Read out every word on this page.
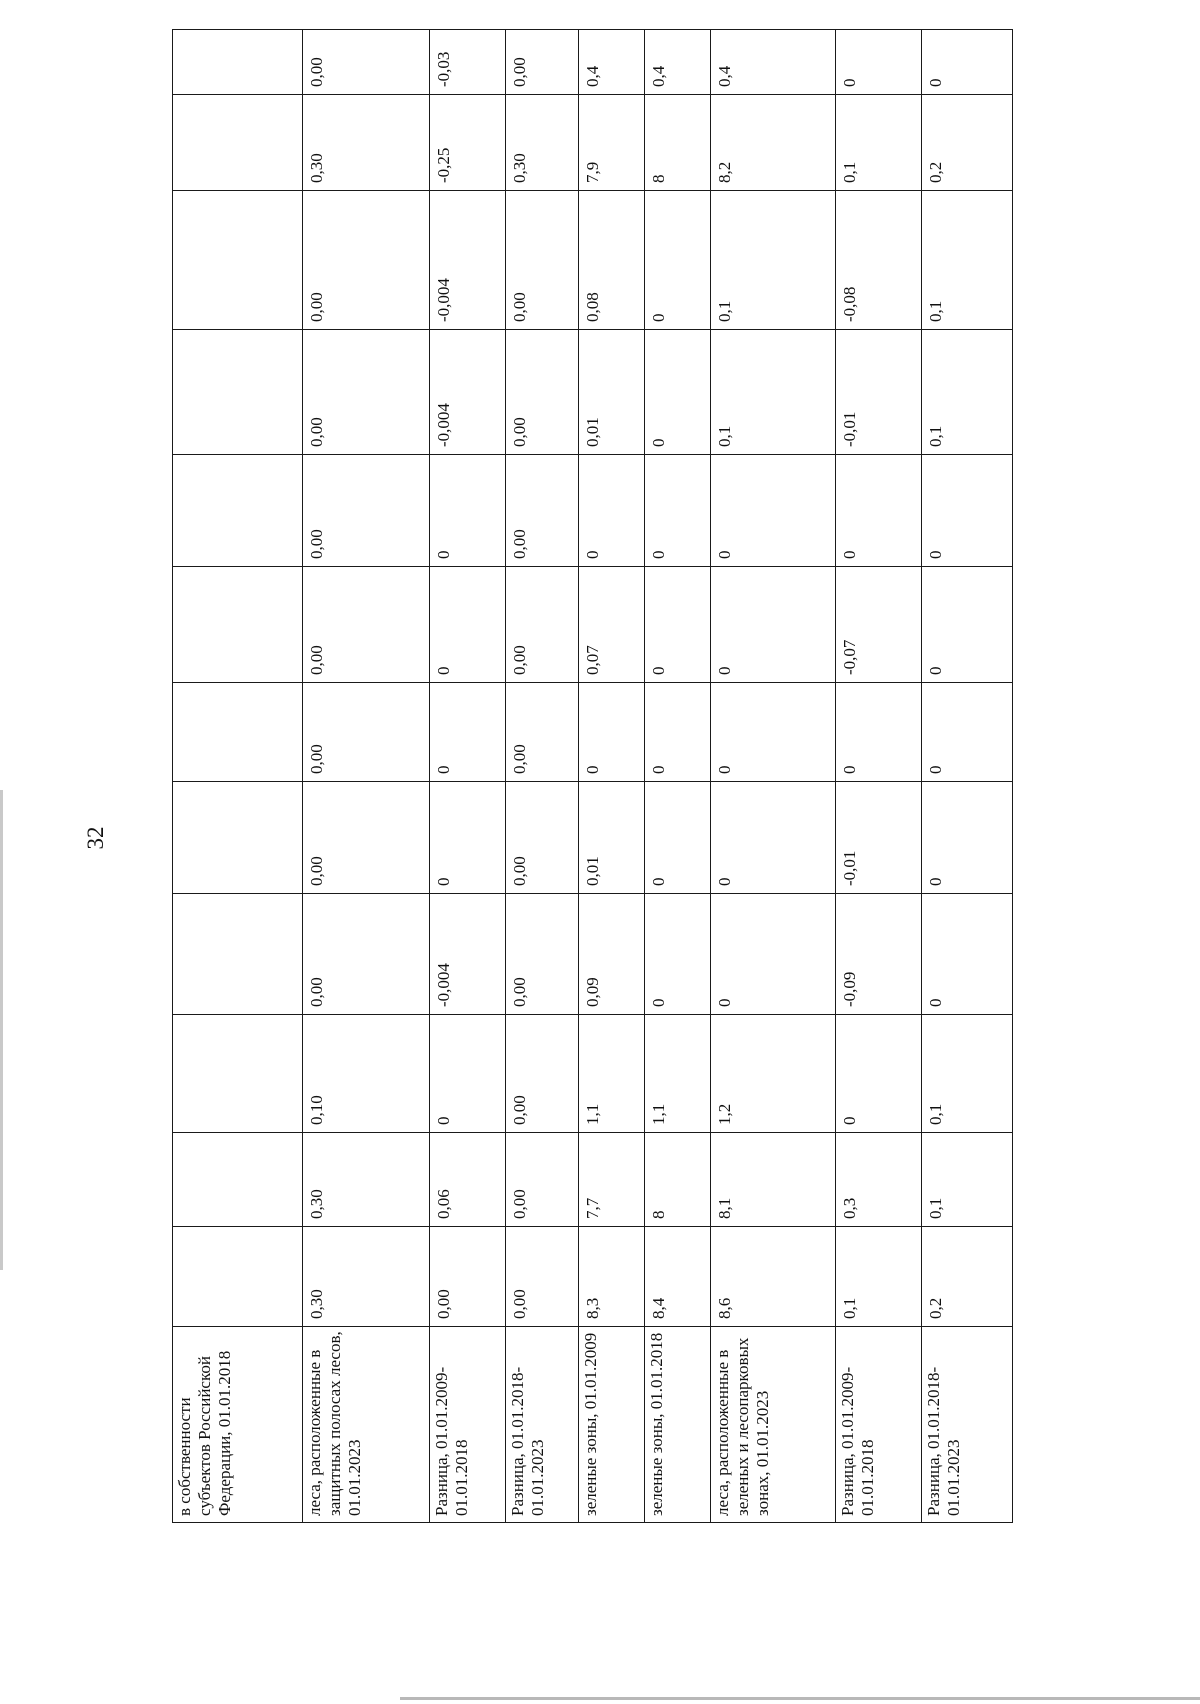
32
в собственности субъектов Российской Федерации, 01.01.2018												
леса, расположенные в защитных полосах лесов, 01.01.2023	0,30	0,30	0,10	0,00	0,00	0,00	0,00	0,00	0,00	0,00	0,30	0,00
Разница, 01.01.2009-01.01.2018	0,00	0,06	0	-0,004	0	0	0	0	-0,004	-0,004	-0,25	-0,03
Разница, 01.01.2018-01.01.2023	0,00	0,00	0,00	0,00	0,00	0,00	0,00	0,00	0,00	0,00	0,30	0,00
зеленые зоны, 01.01.2009	8,3	7,7	1,1	0,09	0,01	0	0,07	0	0,01	0,08	7,9	0,4
зеленые зоны, 01.01.2018	8,4	8	1,1	0	0	0	0	0	0	0	8	0,4
леса, расположенные в зеленых и лесопарковых зонах, 01.01.2023	8,6	8,1	1,2	0	0	0	0	0	0,1	0,1	8,2	0,4
Разница, 01.01.2009-01.01.2018	0,1	0,3	0	-0,09	-0,01	0	-0,07	0	-0,01	-0,08	0,1	0
Разница, 01.01.2018-01.01.2023	0,2	0,1	0,1	0	0	0	0	0	0,1	0,1	0,2	0
